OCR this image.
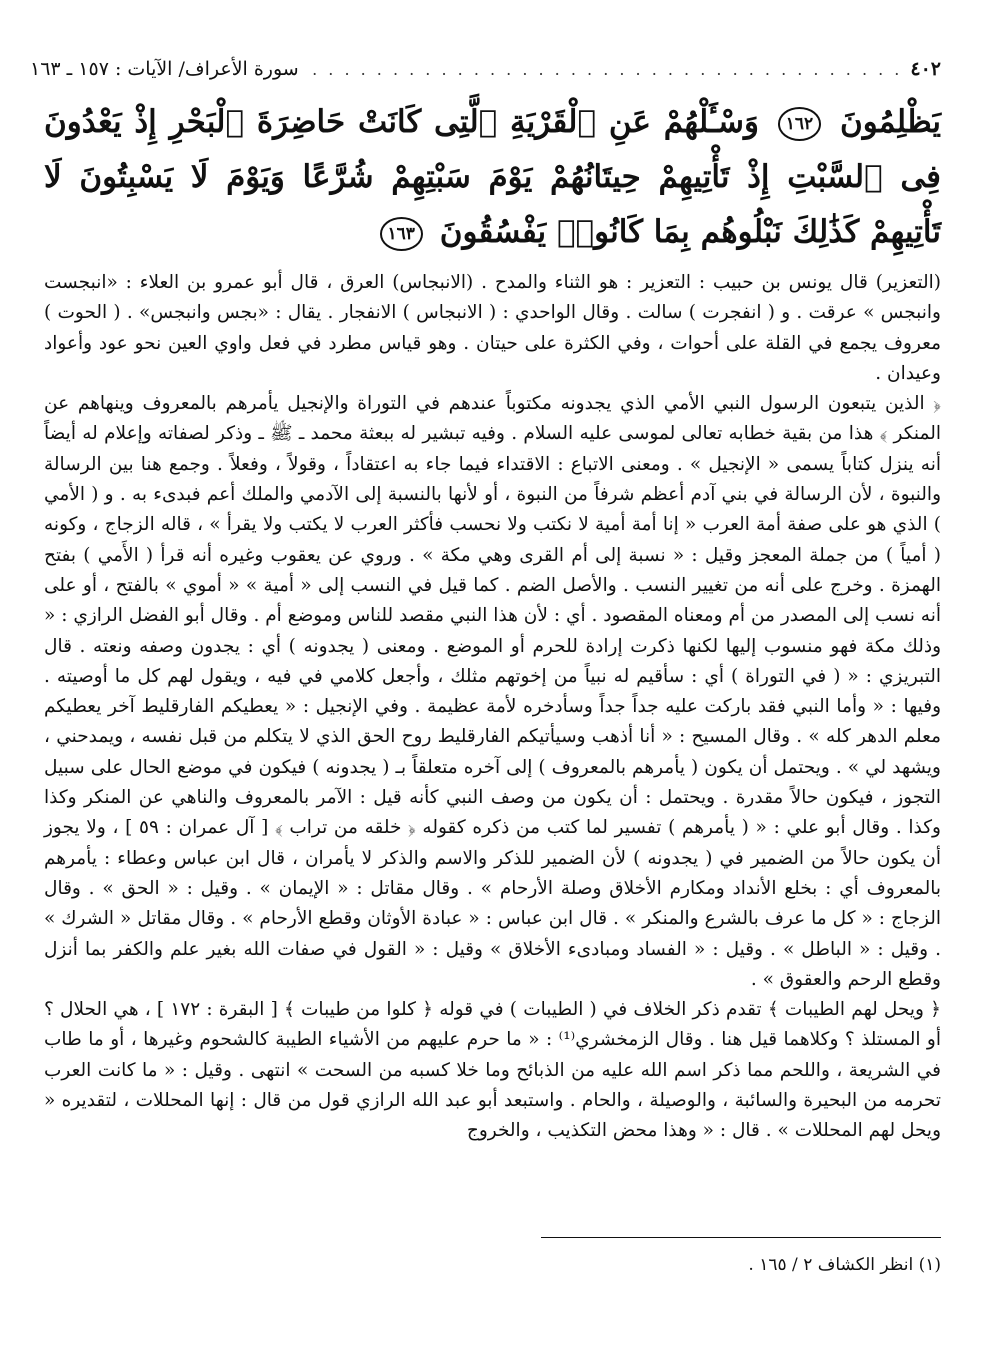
٤٠٢
. . .
سورة الأعراف/ الآيات : ١٥٧ ـ ١٦٣
يَظْلِمُونَ ١٦٢ وَسْـَٔلْهُمْ عَنِ ٱلْقَرْيَةِ ٱلَّتِى كَانَتْ حَاضِرَةَ ٱلْبَحْرِ إِذْ يَعْدُونَ فِى ٱلسَّبْتِ إِذْ تَأْتِيهِمْ حِيتَانُهُمْ يَوْمَ سَبْتِهِمْ شُرَّعًا وَيَوْمَ لَا يَسْبِتُونَ لَا تَأْتِيهِمْ كَذَٰلِكَ نَبْلُوهُم بِمَا كَانُوا۟ يَفْسُقُونَ ١٦٣

(التعزير) قال يونس بن حبيب : التعزير : هو الثناء والمدح . (الانبجاس) العرق ، قال أبو عمرو بن العلاء : «انبجست وانبجس » عرقت . و ( انفجرت ) سالت . وقال الواحدي : ( الانبجاس ) الانفجار . يقال : «بجس وانبجس» . ( الحوت ) معروف يجمع في القلة على أحوات ، وفي الكثرة على حيتان . وهو قياس مطرد في فعل واوي العين نحو عود وأعواد وعيدان .

﴿ الذين يتبعون الرسول النبي الأمي الذي يجدونه مكتوباً عندهم في التوراة والإنجيل يأمرهم بالمعروف وينهاهم عن المنكر ﴾ هذا من بقية خطابه تعالى لموسى عليه السلام . وفيه تبشير له ببعثة محمد ـ ﷺ ـ وذكر لصفاته وإعلام له أيضاً أنه ينزل كتاباً يسمى « الإنجيل » . ومعنى الاتباع : الاقتداء فيما جاء به اعتقاداً ، وقولاً ، وفعلاً . وجمع هنا بين الرسالة والنبوة ، لأن الرسالة في بني آدم أعظم شرفاً من النبوة ، أو لأنها بالنسبة إلى الآدمي والملك أعم فبدىء به . و ( الأمي ) الذي هو على صفة أمة العرب « إنا أمة أمية لا نكتب ولا نحسب فأكثر العرب لا يكتب ولا يقرأ » ، قاله الزجاج ، وكونه ( أمياً ) من جملة المعجز وقيل : « نسبة إلى أم القرى وهي مكة » . وروي عن يعقوب وغيره أنه قرأ ( الأَمي ) بفتح الهمزة . وخرج على أنه من تغيير النسب . والأصل الضم . كما قيل في النسب إلى « أمية » « أموي » بالفتح ، أو على أنه نسب إلى المصدر من أم ومعناه المقصود . أي : لأن هذا النبي مقصد للناس وموضع أم . وقال أبو الفضل الرازي : « وذلك مكة فهو منسوب إليها لكنها ذكرت إرادة للحرم أو الموضع . ومعنى ( يجدونه ) أي : يجدون وصفه ونعته . قال التبريزي : « ( في التوراة ) أي : سأقيم له نبياً من إخوتهم مثلك ، وأجعل كلامي في فيه ، ويقول لهم كل ما أوصيته . وفيها : « وأما النبي فقد باركت عليه جداً جداً وسأدخره لأمة عظيمة . وفي الإنجيل : « يعطيكم الفارقليط آخر يعطيكم معلم الدهر كله » . وقال المسيح : « أنا أذهب وسيأتيكم الفارقليط روح الحق الذي لا يتكلم من قبل نفسه ، ويمدحني ، ويشهد لي » . ويحتمل أن يكون ( يأمرهم بالمعروف ) إلى آخره متعلقاً بـ ( يجدونه ) فيكون في موضع الحال على سبيل التجوز ، فيكون حالاً مقدرة . ويحتمل : أن يكون من وصف النبي كأنه قيل : الآمر بالمعروف والناهي عن المنكر وكذا وكذا . وقال أبو علي : « ( يأمرهم ) تفسير لما كتب من ذكره كقوله ﴿ خلقه من تراب ﴾ [ آل عمران : ٥٩ ] ، ولا يجوز أن يكون حالاً من الضمير في ( يجدونه ) لأن الضمير للذكر والاسم والذكر لا يأمران ، قال ابن عباس وعطاء : يأمرهم بالمعروف أي : بخلع الأنداد ومكارم الأخلاق وصلة الأرحام » . وقال مقاتل : « الإيمان » . وقيل : « الحق » . وقال الزجاج : « كل ما عرف بالشرع والمنكر » . قال ابن عباس : « عبادة الأوثان وقطع الأرحام » . وقال مقاتل « الشرك » . وقيل : « الباطل » . وقيل : « الفساد ومبادىء الأخلاق » وقيل : « القول في صفات الله بغير علم والكفر بما أنزل وقطع الرحم والعقوق » .

﴿ ويحل لهم الطيبات ﴾ تقدم ذكر الخلاف في ( الطيبات ) في قوله ﴿ كلوا من طيبات ﴾ [ البقرة : ١٧٢ ] ، هي الحلال ؟ أو المستلذ ؟ وكلاهما قيل هنا . وقال الزمخشري⁽¹⁾ : « ما حرم عليهم من الأشياء الطيبة كالشحوم وغيرها ، أو ما طاب في الشريعة ، واللحم مما ذكر اسم الله عليه من الذبائح وما خلا كسبه من السحت » انتهى . وقيل : « ما كانت العرب تحرمه من البحيرة والسائبة ، والوصيلة ، والحام . واستبعد أبو عبد الله الرازي قول من قال : إنها المحللات ، لتقديره « ويحل لهم المحللات » . قال : « وهذا محض التكذيب ، والخروج

(١) انظر الكشاف ٢ / ١٦٥ .
